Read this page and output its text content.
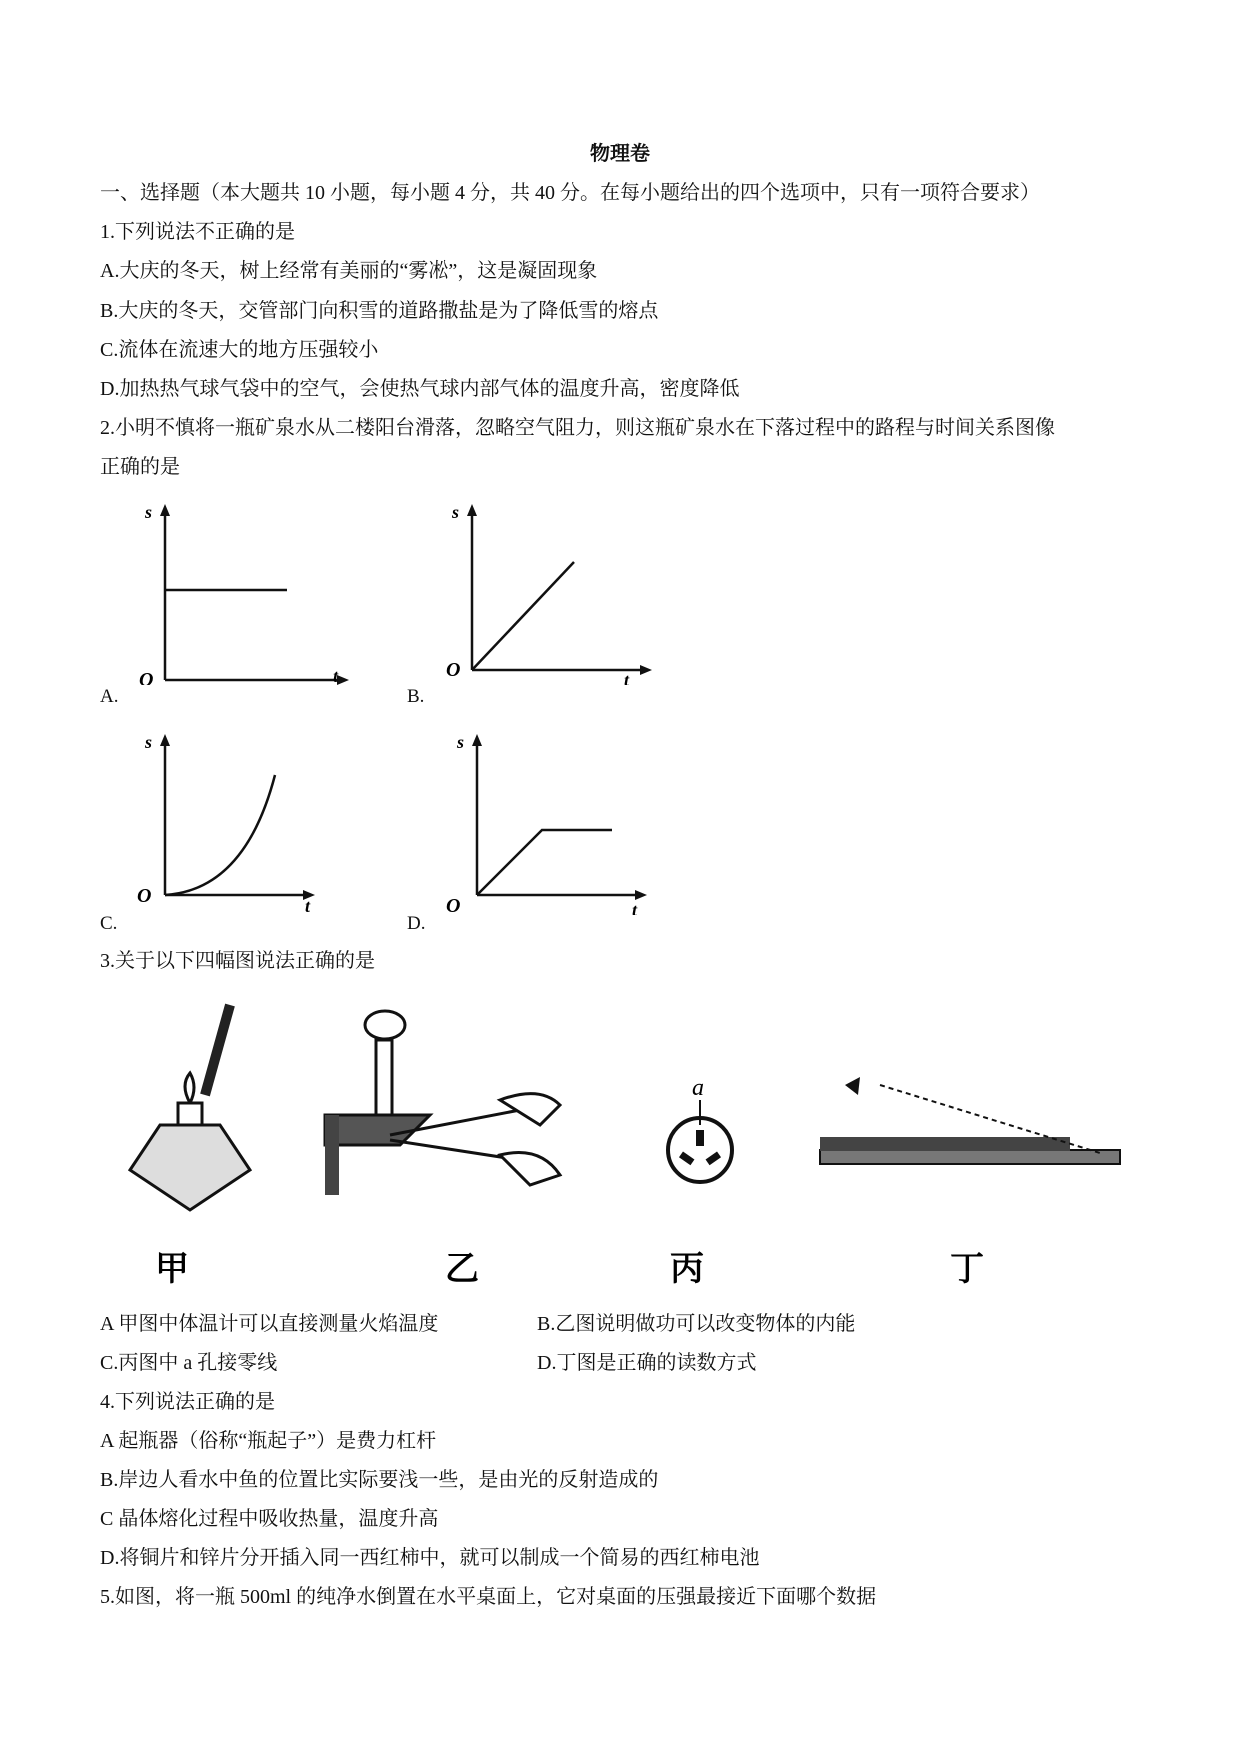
物理卷
一、选择题（本大题共 10 小题，每小题 4 分，共 40 分。在每小题给出的四个选项中，只有一项符合要求）
1.下列说法不正确的是
A.大庆的冬天，树上经常有美丽的“雾凇”，这是凝固现象
B.大庆的冬天，交管部门向积雪的道路撒盐是为了降低雪的熔点
C.流体在流速大的地方压强较小
D.加热热气球气袋中的空气，会使热气球内部气体的温度升高，密度降低
2.小明不慎将一瓶矿泉水从二楼阳台滑落，忽略空气阻力，则这瓶矿泉水在下落过程中的路程与时间关系图像
正确的是
A.	B.
C.	D.
s
O	t
s
O	t
s
O	t
s
O	t
3.关于以下四幅图说法正确的是
甲	乙
a
丙	丁
A 甲图中体温计可以直接测量火焰温度	B.乙图说明做功可以改变物体的内能
C.丙图中 a 孔接零线	D.丁图是正确的读数方式
4.下列说法正确的是
A 起瓶器（俗称“瓶起子”）是费力杠杆
B.岸边人看水中鱼的位置比实际要浅一些，是由光的反射造成的
C 晶体熔化过程中吸收热量，温度升高
D.将铜片和锌片分开插入同一西红柿中，就可以制成一个简易的西红柿电池
5.如图，将一瓶 500ml 的纯净水倒置在水平桌面上，它对桌面的压强最接近下面哪个数据
